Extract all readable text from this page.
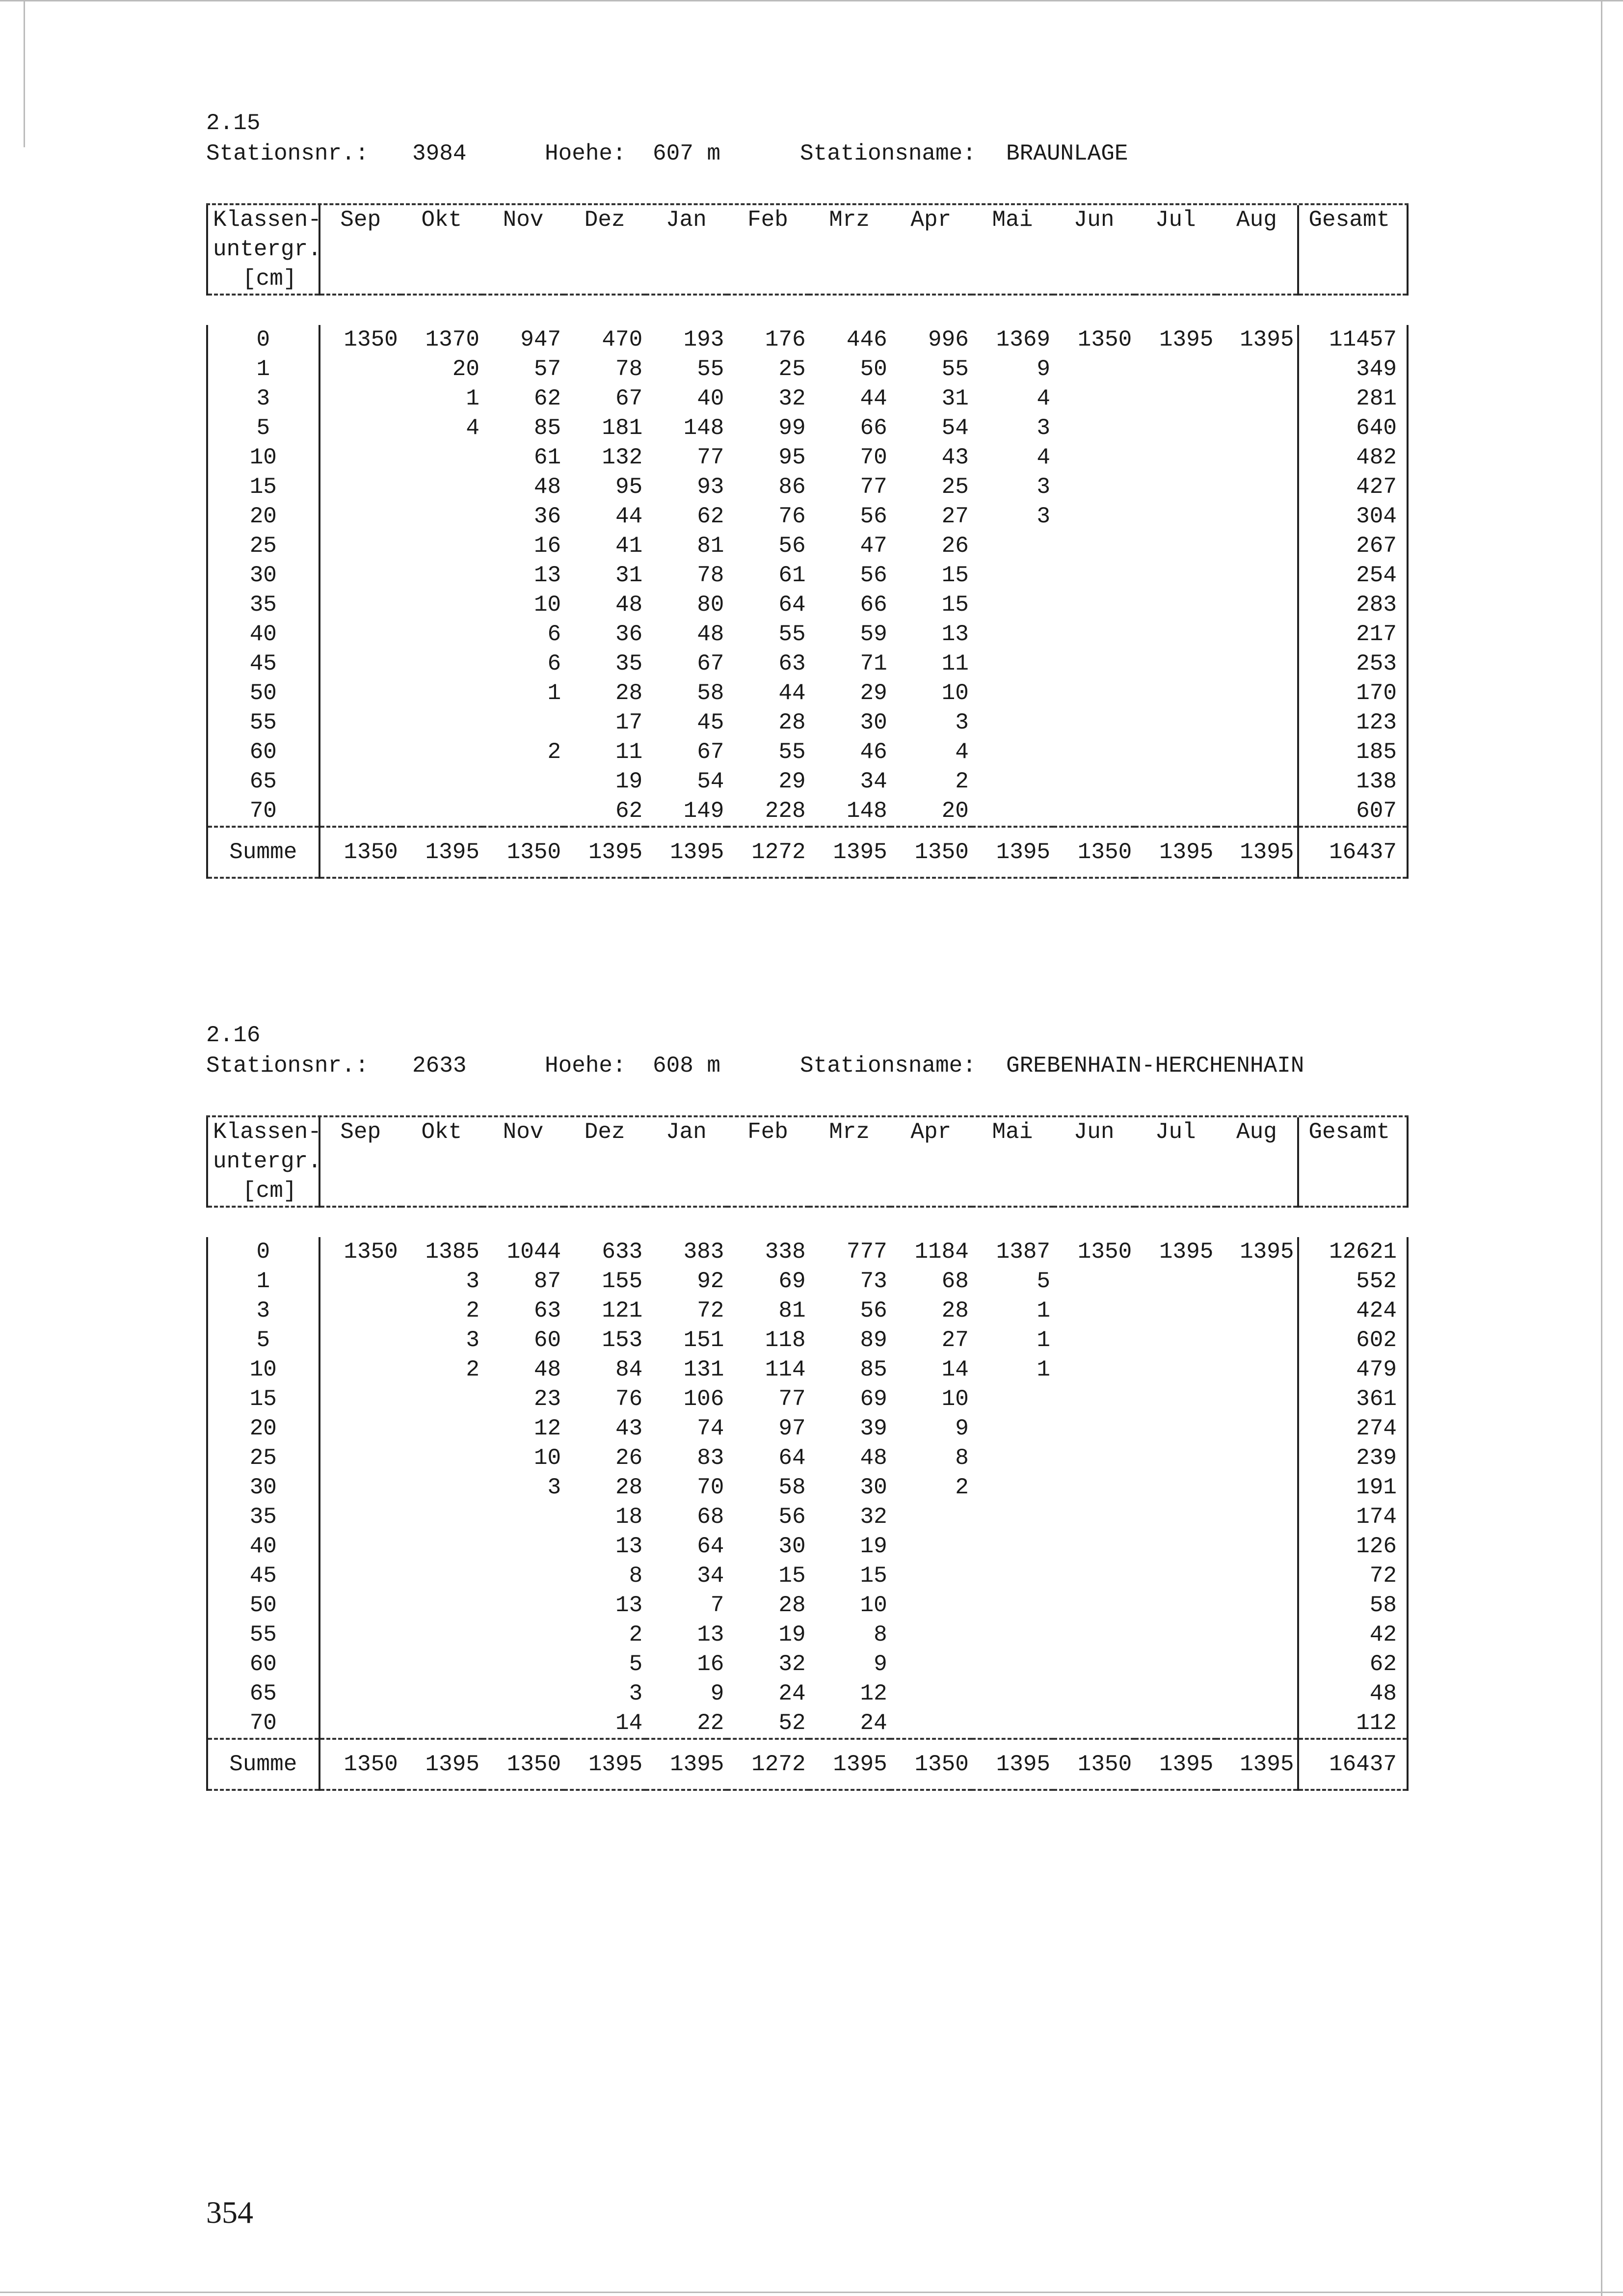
2.15
Stationsnr.: 3984	Hoehe: 607 m	Stationsname: BRAUNLAGE
Klassen-	Sep	Okt	Nov	Dez	Jan	Feb	Mrz	Apr	Mai	Jun	Jul	Aug	Gesamt
untergr.													
[cm]													

0	1350	1370	947	470	193	176	446	996	1369	1350	1395	1395	11457
1		20	57	78	55	25	50	55	9				349
3		1	62	67	40	32	44	31	4				281
5		4	85	181	148	99	66	54	3				640
10			61	132	77	95	70	43	4				482
15			48	95	93	86	77	25	3				427
20			36	44	62	76	56	27	3				304
25			16	41	81	56	47	26					267
30			13	31	78	61	56	15					254
35			10	48	80	64	66	15					283
40			6	36	48	55	59	13					217
45			6	35	67	63	71	11					253
50			1	28	58	44	29	10					170
55				17	45	28	30	3					123
60			2	11	67	55	46	4					185
65				19	54	29	34	2					138
70				62	149	228	148	20					607
Summe	1350	1395	1350	1395	1395	1272	1395	1350	1395	1350	1395	1395	16437
2.16
Stationsnr.: 2633	Hoehe: 608 m	Stationsname: GREBENHAIN-HERCHENHAIN
Klassen-	Sep	Okt	Nov	Dez	Jan	Feb	Mrz	Apr	Mai	Jun	Jul	Aug	Gesamt
untergr.													
[cm]													

0	1350	1385	1044	633	383	338	777	1184	1387	1350	1395	1395	12621
1		3	87	155	92	69	73	68	5				552
3		2	63	121	72	81	56	28	1				424
5		3	60	153	151	118	89	27	1				602
10		2	48	84	131	114	85	14	1				479
15			23	76	106	77	69	10					361
20			12	43	74	97	39	9					274
25			10	26	83	64	48	8					239
30			3	28	70	58	30	2					191
35				18	68	56	32						174
40				13	64	30	19						126
45				8	34	15	15						72
50				13	7	28	10						58
55				2	13	19	8						42
60				5	16	32	9						62
65				3	9	24	12						48
70				14	22	52	24						112
Summe	1350	1395	1350	1395	1395	1272	1395	1350	1395	1350	1395	1395	16437
354
